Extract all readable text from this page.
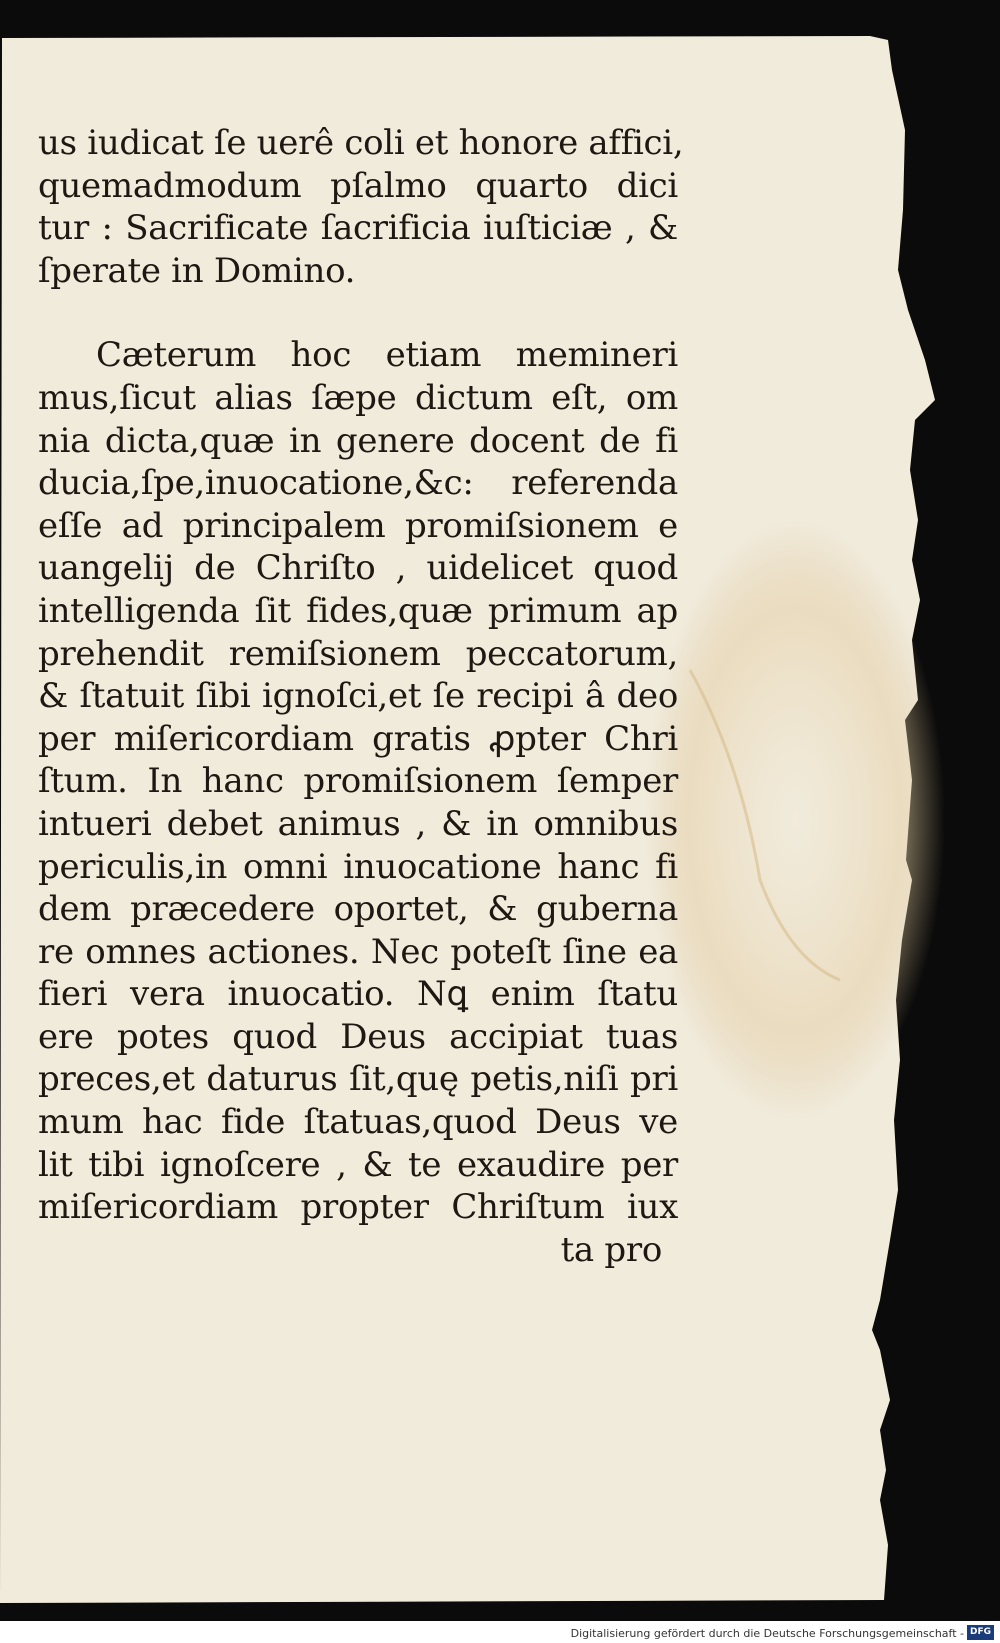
us iudicat ſe uerê coli et honore affici,
quemadmodum pſalmo quarto dici
tur : Sacrificate ſacrificia iuſticiæ , &
ſperate in Domino.
Cæterum hoc etiam memineri
mus,ſicut alias ſæpe dictum eſt, om
nia dicta,quæ in genere docent de fi
ducia,ſpe,inuocatione,&c: referenda
eſſe ad principalem promiſsionem e
uangelij de Chriſto , uidelicet quod
intelligenda ſit fides,quæ primum ap
prehendit remiſsionem peccatorum,
& ſtatuit ſibi ignoſci,et ſe recipi â deo
per miſericordiam gratis ꝓpter Chri
ſtum. In hanc promiſsionem ſemper
intueri debet animus , & in omnibus
periculis,in omni inuocatione hanc fi
dem præcedere oportet, & guberna
re omnes actiones. Nec poteſt ſine ea
fieri vera inuocatio. Nꝗ enim ſtatu
ere potes quod Deus accipiat tuas
preces,et daturus ſit,quę petis,niſi pri
mum hac fide ſtatuas,quod Deus ve
lit tibi ignoſcere , & te exaudire per
miſericordiam propter Chriſtum iux
ta pro
Digitalisierung gefördert durch die Deutsche Forschungsgemeinschaft - DFG
